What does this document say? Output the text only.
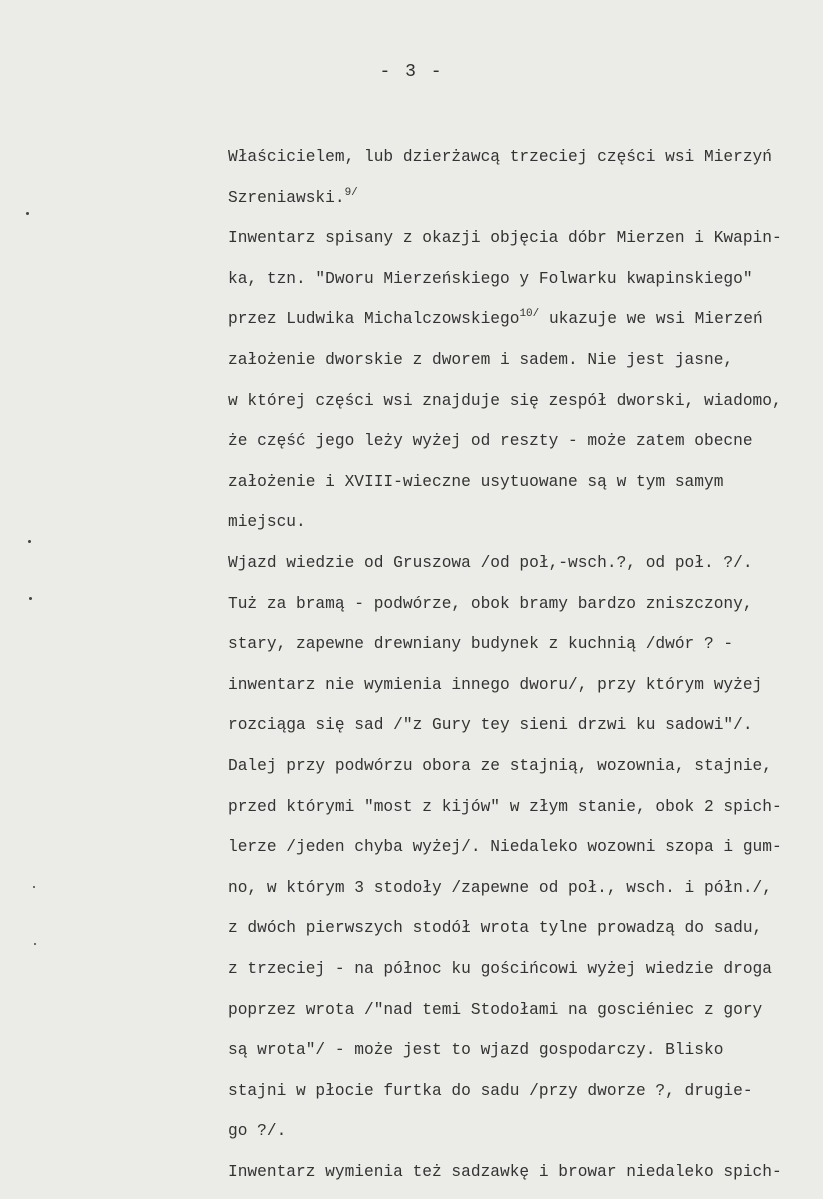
- 3 -
Właścicielem, lub dzierżawcą trzeciej części wsi Mierzyń
Szreniawski.$^{9/}$
Inwentarz spisany z okazji objęcia dóbr Mierzen i Kwapin-
ka, tzn. "Dworu Mierzeńskiego y Folwarku kwapinskiego"
przez Ludwika Michalczowskiego$^{10/}$ ukazuje we wsi Mierzeń
założenie dworskie z dworem i sadem. Nie jest jasne,
w której części wsi znajduje się zespół dworski, wiadomo,
że część jego leży wyżej od reszty - może zatem obecne
założenie i XVIII-wieczne usytuowane są w tym samym
miejscu.
Wjazd wiedzie od Gruszowa /od poł,-wsch.?, od poł. ?/.
Tuż za bramą - podwórze, obok bramy bardzo zniszczony,
stary, zapewne drewniany budynek z kuchnią /dwór ? -
inwentarz nie wymienia innego dworu/, przy którym wyżej
rozciąga się sad /"z Gury tey sieni drzwi ku sadowi"/.
Dalej przy podwórzu obora ze stajnią, wozownia, stajnie,
przed którymi "most z kijów" w złym stanie, obok 2 spich-
lerze /jeden chyba wyżej/. Niedaleko wozowni szopa i gum-
no, w którym 3 stodoły /zapewne od poł., wsch. i półn./,
z dwóch pierwszych stodół wrota tylne prowadzą do sadu,
z trzeciej - na północ ku gościńcowi wyżej wiedzie droga
poprzez wrota /"nad temi Stodołami na gosciéniec z gory
są wrota"/ - może jest to wjazd gospodarczy. Blisko
stajni w płocie furtka do sadu /przy dworze ?, drugie-
go ?/.
Inwentarz wymienia też sadzawkę i browar niedaleko spich-
